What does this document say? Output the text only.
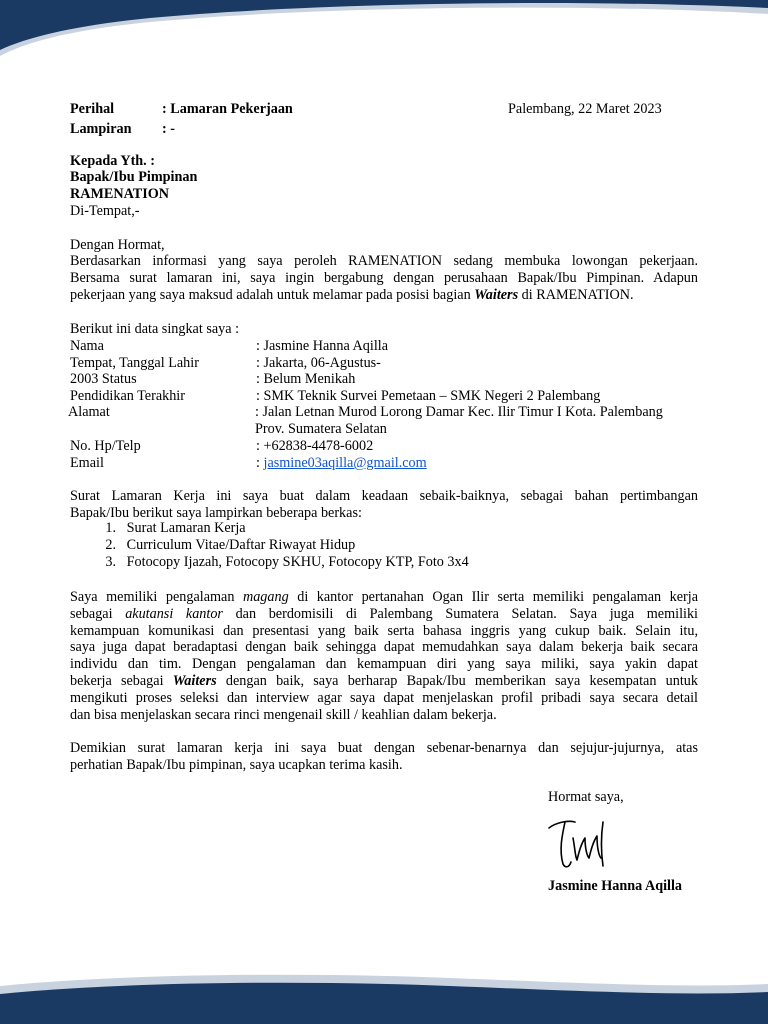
Perihal	: Lamaran Pekerjaan	Palembang, 22 Maret 2023
Lampiran : -
Kepada Yth. :
Bapak/Ibu Pimpinan
RAMENATION
Di-Tempat,-
Dengan Hormat,
Berdasarkan informasi yang saya peroleh RAMENATION sedang membuka lowongan pekerjaan.
Bersama surat lamaran ini, saya ingin bergabung dengan perusahaan Bapak/Ibu Pimpinan. Adapun
pekerjaan yang saya maksud adalah untuk melamar pada posisi bagian Waiters di RAMENATION.
Berikut ini data singkat saya :
Nama	: Jasmine Hanna Aqilla
Tempat, Tanggal Lahir	: Jakarta, 06-Agustus-
2003 Status	: Belum Menikah
Pendidikan Terakhir	: SMK Teknik Survei Pemetaan – SMK Negeri 2 Palembang
Alamat	: Jalan Letnan Murod Lorong Damar Kec. Ilir Timur I Kota. Palembang
Prov. Sumatera Selatan
No. Hp/Telp	: +62838-4478-6002
Email	: jasmine03aqilla@gmail.com
Surat Lamaran Kerja ini saya buat dalam keadaan sebaik-baiknya, sebagai bahan pertimbangan
Bapak/Ibu berikut saya lampirkan beberapa berkas:
1. Surat Lamaran Kerja
2. Curriculum Vitae/Daftar Riwayat Hidup
3. Fotocopy Ijazah, Fotocopy SKHU, Fotocopy KTP, Foto 3x4
Saya memiliki pengalaman magang di kantor pertanahan Ogan Ilir serta memiliki pengalaman kerja
sebagai akutansi kantor dan berdomisili di Palembang Sumatera Selatan. Saya juga memiliki
kemampuan komunikasi dan presentasi yang baik serta bahasa inggris yang cukup baik. Selain itu,
saya juga dapat beradaptasi dengan baik sehingga dapat memudahkan saya dalam bekerja baik secara
individu dan tim. Dengan pengalaman dan kemampuan diri yang saya miliki, saya yakin dapat
bekerja sebagai Waiters dengan baik, saya berharap Bapak/Ibu memberikan saya kesempatan untuk
mengikuti proses seleksi dan interview agar saya dapat menjelaskan profil pribadi saya secara detail
dan bisa menjelaskan secara rinci mengenail skill / keahlian dalam bekerja.
Demikian surat lamaran kerja ini saya buat dengan sebenar-benarnya dan sejujur-jujurnya, atas
perhatian Bapak/Ibu pimpinan, saya ucapkan terima kasih.
Hormat saya,
Jasmine Hanna Aqilla
